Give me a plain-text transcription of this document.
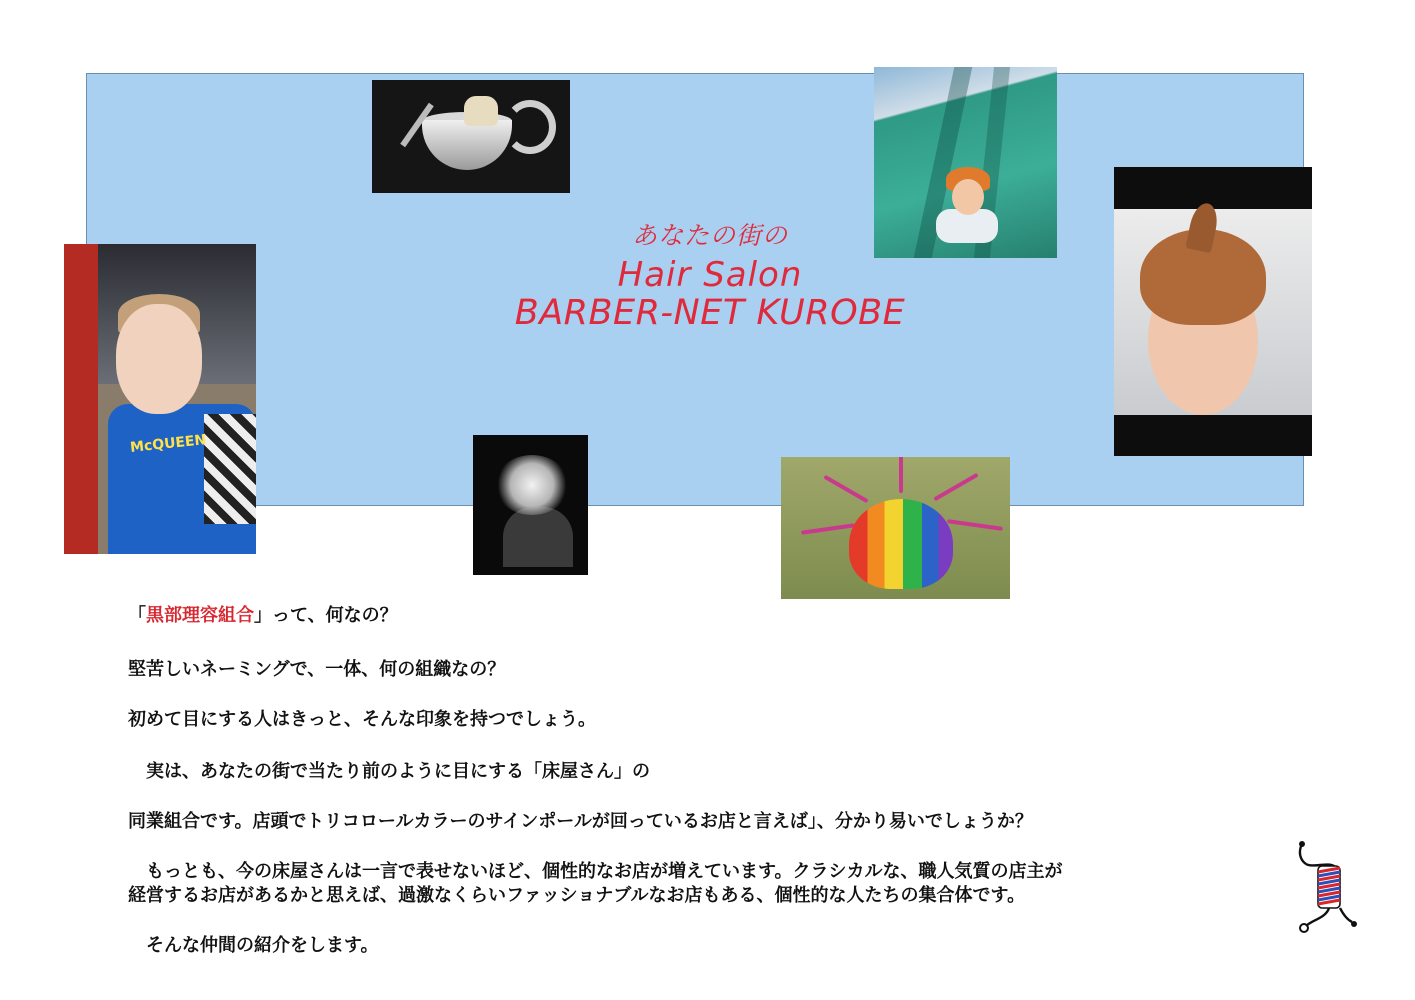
McQUEEN
あなたの街の
Hair Salon
BARBER-NET KUROBE

「黒部理容組合」って、何なの？

堅苦しいネーミングで、一体、何の組織なの？

初めて目にする人はきっと、そんな印象を持つでしょう。

　実は、あなたの街で当たり前のように目にする「床屋さん」の

同業組合です。店頭でトリコロールカラーのサインポールが回っているお店と言えば」、分かり易いでしょうか？

　もっとも、今の床屋さんは一言で表せないほど、個性的なお店が増えています。クラシカルな、職人気質の店主が

経営するお店があるかと思えば、過激なくらいファッショナブルなお店もある、個性的な人たちの集合体です。

　そんな仲間の紹介をします。
